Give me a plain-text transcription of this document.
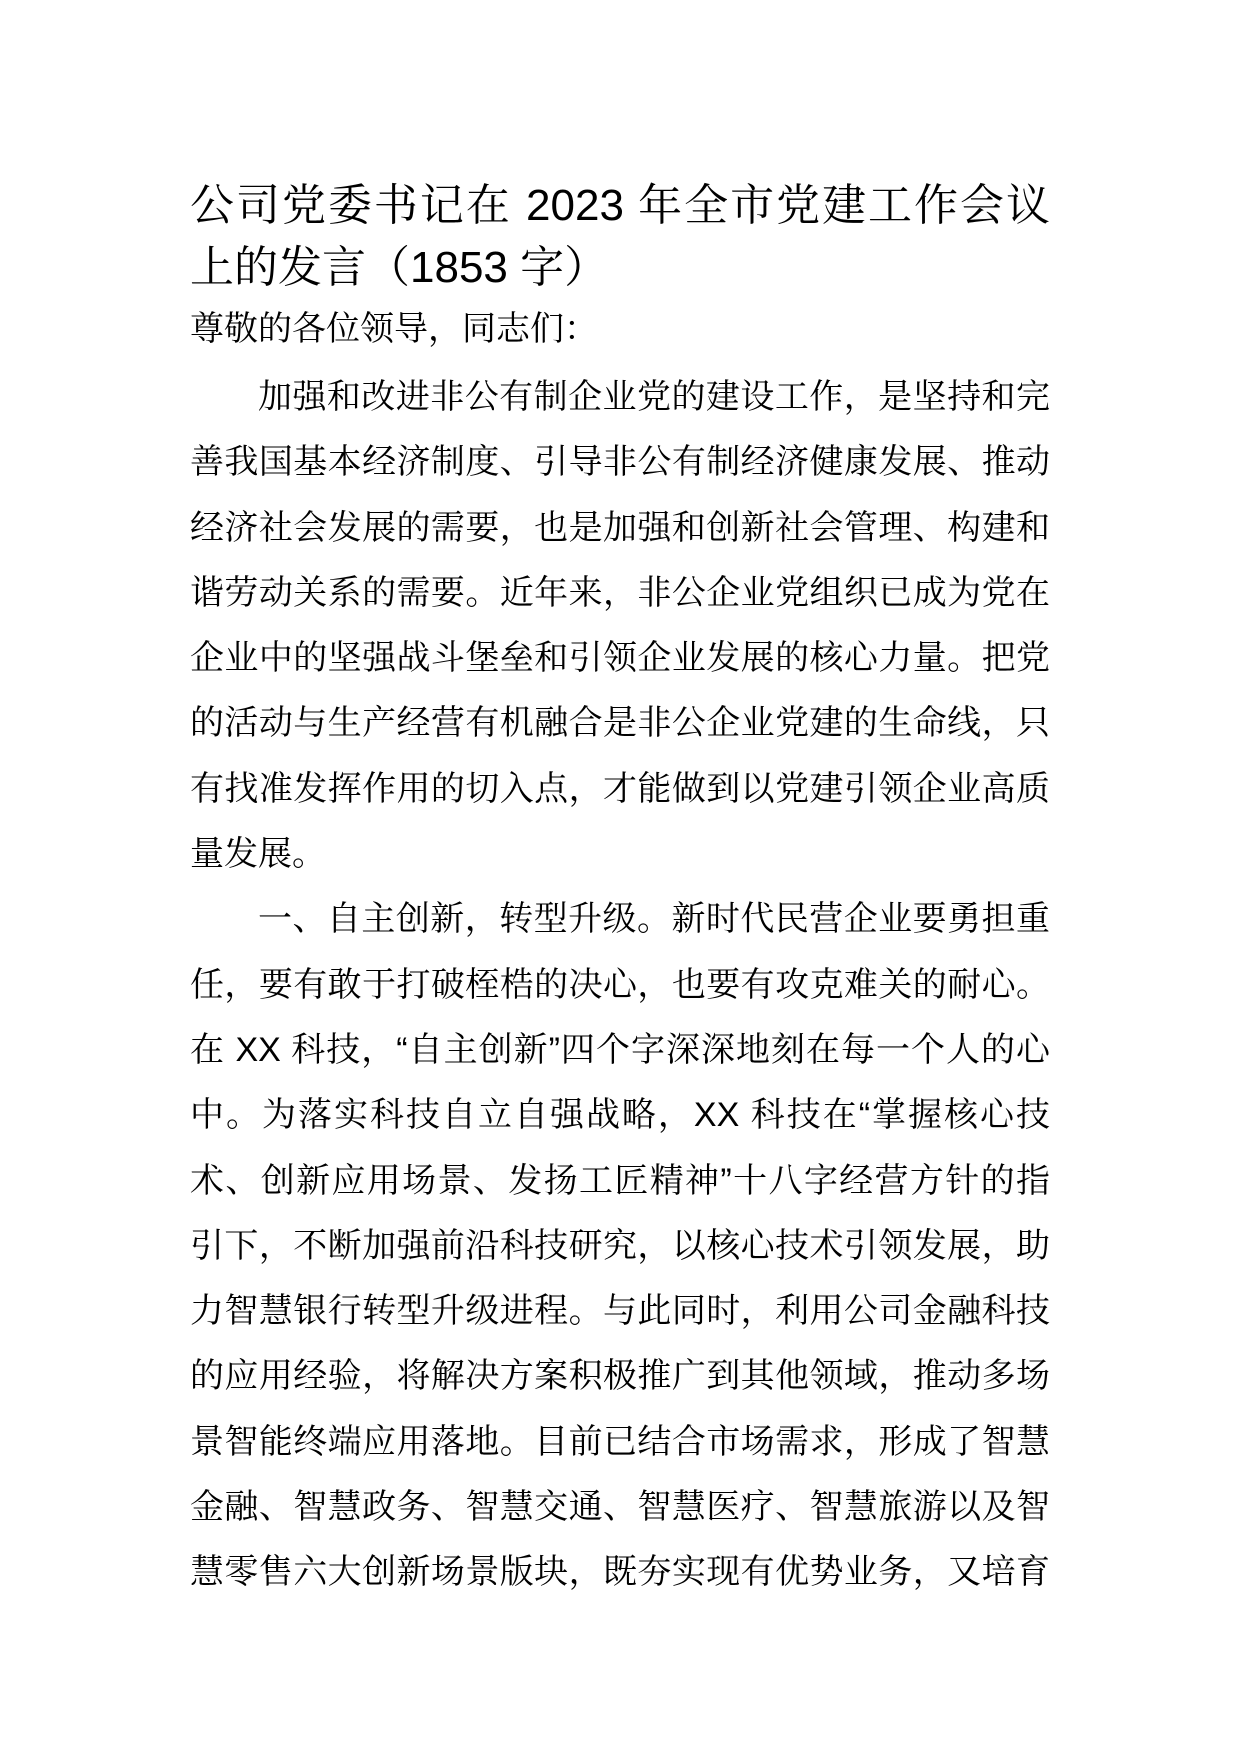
公司党委书记在 2023 年全市党建工作会议
上的发言（1853 字）
尊敬的各位领导，同志们：
加强和改进非公有制企业党的建设工作，是坚持和完
善我国基本经济制度、引导非公有制经济健康发展、推动
经济社会发展的需要，也是加强和创新社会管理、构建和
谐劳动关系的需要。近年来，非公企业党组织已成为党在
企业中的坚强战斗堡垒和引领企业发展的核心力量。把党
的活动与生产经营有机融合是非公企业党建的生命线，只
有找准发挥作用的切入点，才能做到以党建引领企业高质
量发展。
一、自主创新，转型升级。新时代民营企业要勇担重
任，要有敢于打破桎梏的决心，也要有攻克难关的耐心。
在 XX 科技，“自主创新”四个字深深地刻在每一个人的心
中。为落实科技自立自强战略，XX 科技在“掌握核心技
术、创新应用场景、发扬工匠精神”十八字经营方针的指
引下，不断加强前沿科技研究，以核心技术引领发展，助
力智慧银行转型升级进程。与此同时，利用公司金融科技
的应用经验，将解决方案积极推广到其他领域，推动多场
景智能终端应用落地。目前已结合市场需求，形成了智慧
金融、智慧政务、智慧交通、智慧医疗、智慧旅游以及智
慧零售六大创新场景版块，既夯实现有优势业务，又培育
